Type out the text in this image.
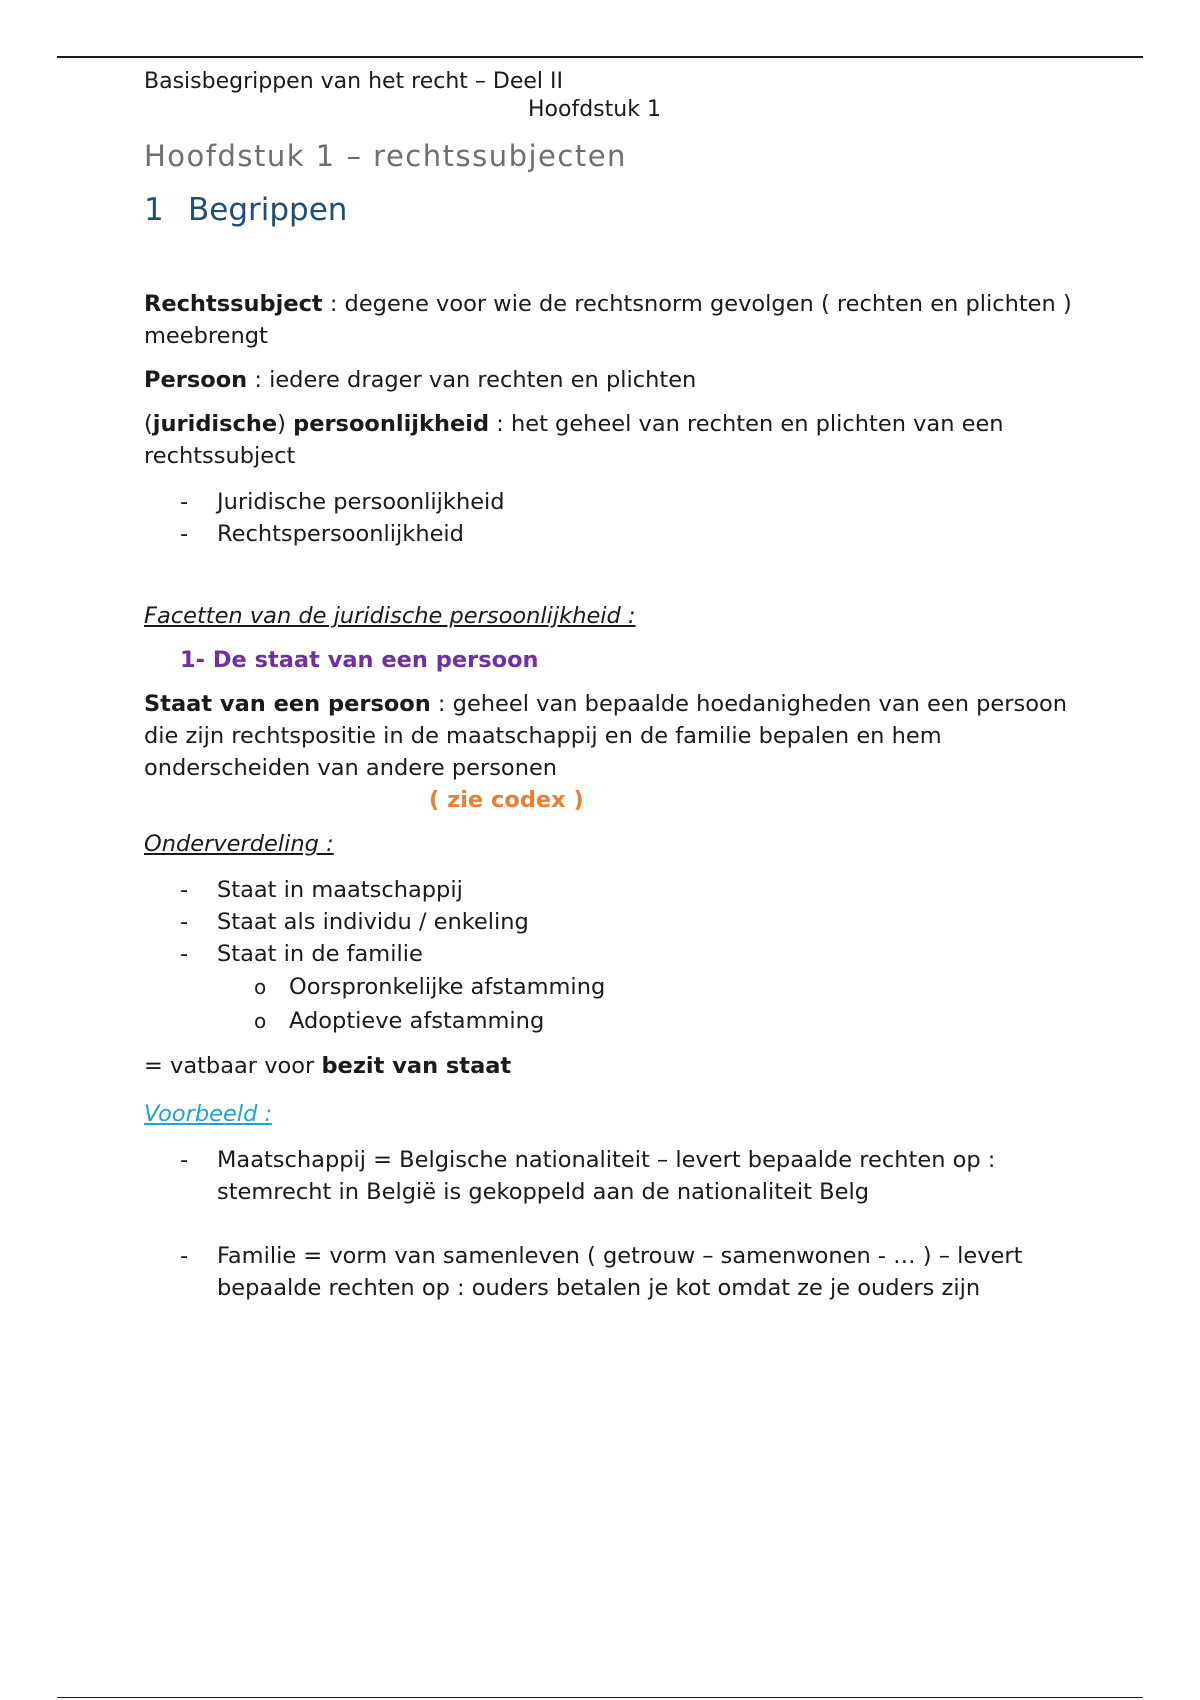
Basisbegrippen van het recht – Deel II

Hoofdstuk 1

Hoofdstuk 1 – rechtssubjecten
1 Begrippen

Rechtssubject : degene voor wie de rechtsnorm gevolgen ( rechten en plichten ) meebrengt

Persoon : iedere drager van rechten en plichten

(juridische) persoonlijkheid : het geheel van rechten en plichten van een rechtssubject

- Juridische persoonlijkheid
- Rechtspersoonlijkheid

Facetten van de juridische persoonlijkheid :

1- De staat van een persoon

Staat van een persoon : geheel van bepaalde hoedanigheden van een persoon die zijn rechtspositie in de maatschappij en de familie bepalen en hem onderscheiden van andere personen

( zie codex )

Onderverdeling :

- Staat in maatschappij
- Staat als individu / enkeling
- Staat in de familie
o Oorspronkelijke afstamming
o Adoptieve afstamming

= vatbaar voor bezit van staat

Voorbeeld :

- Maatschappij = Belgische nationaliteit – levert bepaalde rechten op : stemrecht in België is gekoppeld aan de nationaliteit Belg
- Familie = vorm van samenleven ( getrouw – samenwonen - … ) – levert bepaalde rechten op : ouders betalen je kot omdat ze je ouders zijn
